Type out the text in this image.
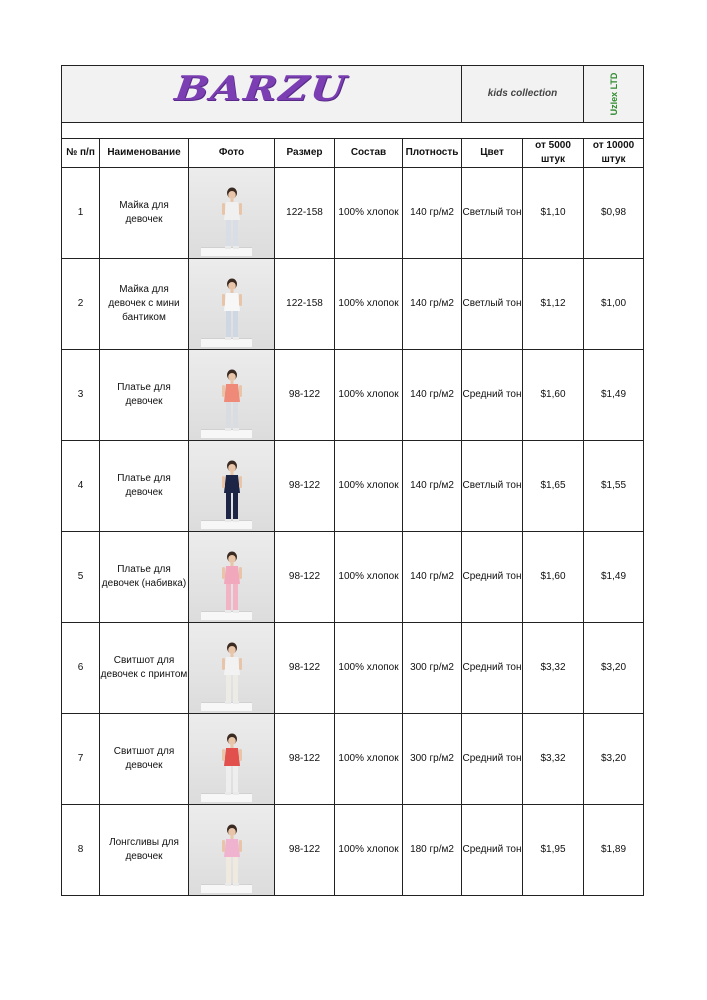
BARZU						kids collection		Uzlex LTD

№ п/п	Наименование	Фото	Размер	Состав	Плотность	Цвет	от 5000 штук	от 10000 штук
1	Майка для девочек		122-158	100% хлопок	140 гр/м2	Светлый тон	$1,10	$0,98
2	Майка для девочек с мини бантиком		122-158	100% хлопок	140 гр/м2	Светлый тон	$1,12	$1,00
3	Платье для девочек		98-122	100% хлопок	140 гр/м2	Средний тон	$1,60	$1,49
4	Платье для девочек		98-122	100% хлопок	140 гр/м2	Светлый тон	$1,65	$1,55
5	Платье для девочек (набивка)		98-122	100% хлопок	140 гр/м2	Средний тон	$1,60	$1,49
6	Свитшот для девочек с принтом		98-122	100% хлопок	300 гр/м2	Средний тон	$3,32	$3,20
7	Свитшот для девочек		98-122	100% хлопок	300 гр/м2	Средний тон	$3,32	$3,20
8	Лонгсливы для девочек		98-122	100% хлопок	180 гр/м2	Средний тон	$1,95	$1,89
